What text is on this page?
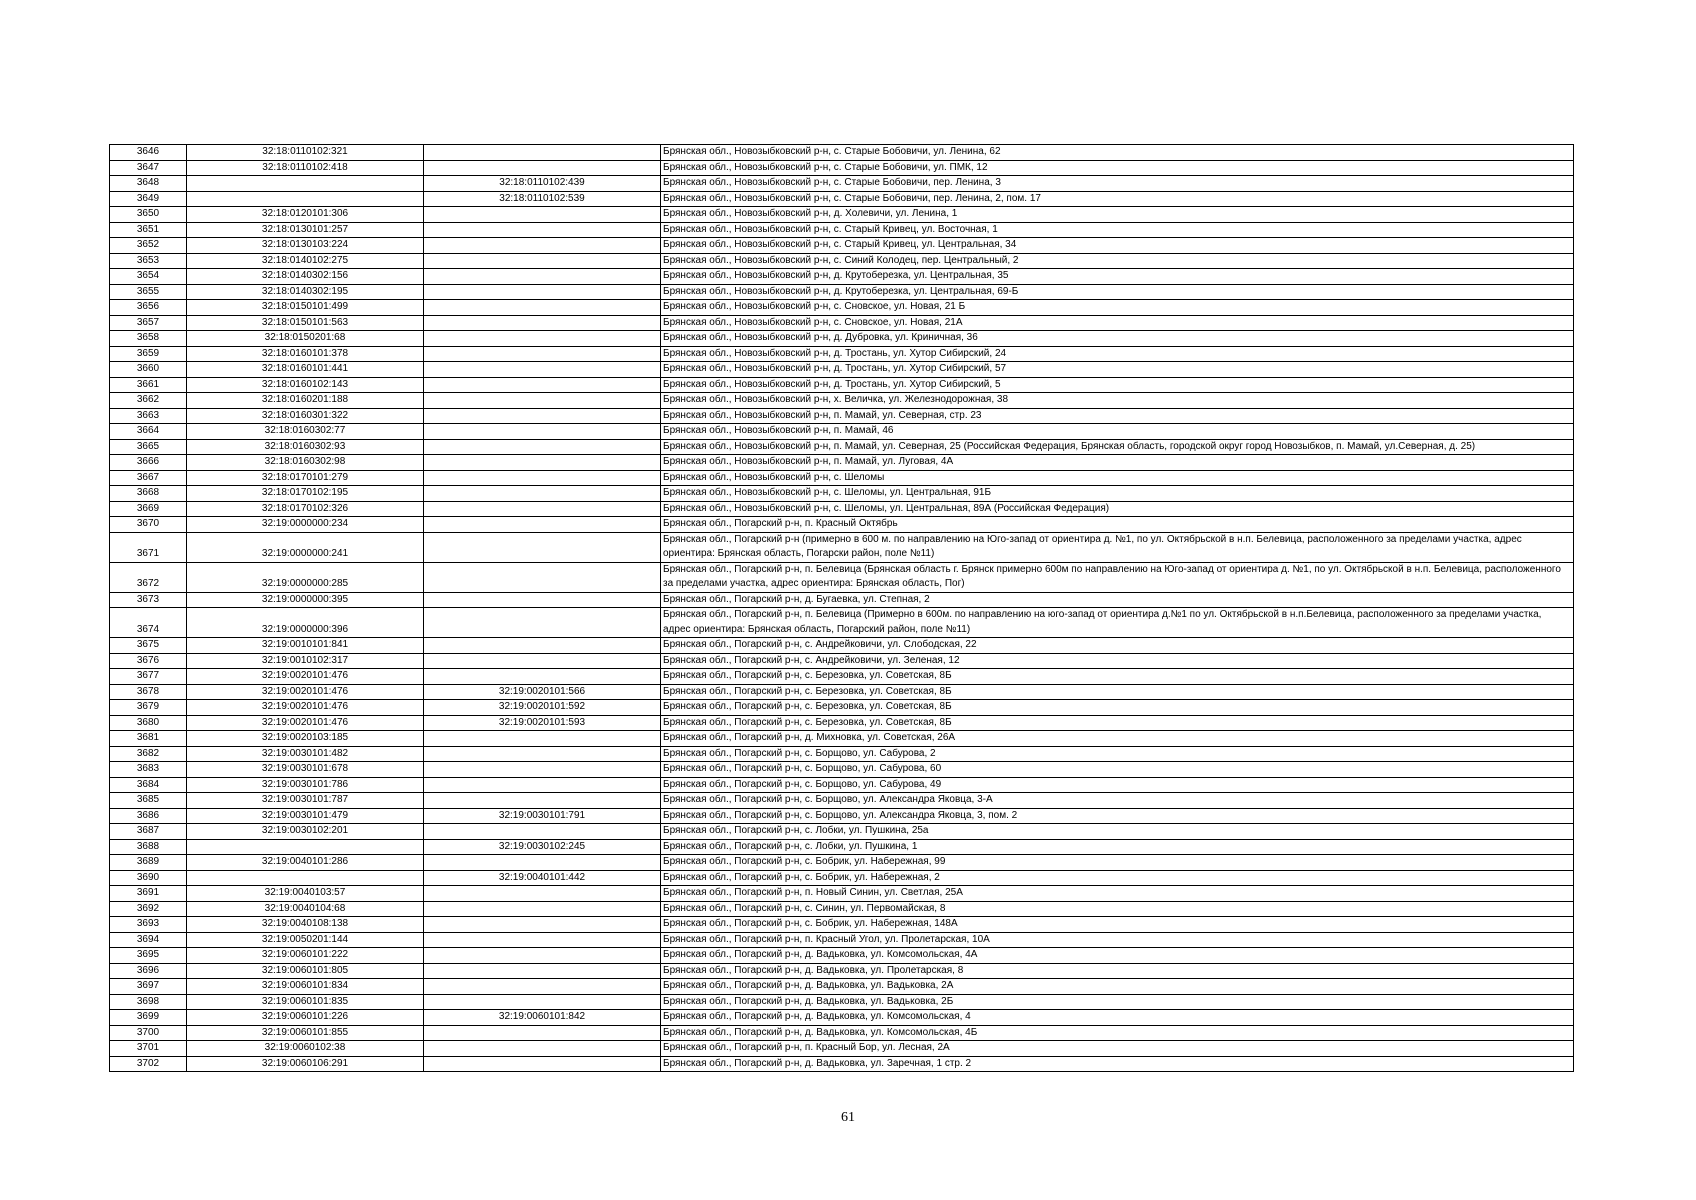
3646	32:18:0110102:321		Брянская обл., Новозыбковский р-н, с. Старые Бобовичи, ул. Ленина, 62
3647	32:18:0110102:418		Брянская обл., Новозыбковский р-н, с. Старые Бобовичи, ул. ПМК, 12
3648		32:18:0110102:439	Брянская обл., Новозыбковский р-н, с. Старые Бобовичи, пер. Ленина, 3
3649		32:18:0110102:539	Брянская обл., Новозыбковский р-н, с. Старые Бобовичи, пер. Ленина, 2, пом. 17
3650	32:18:0120101:306		Брянская обл., Новозыбковский р-н, д. Холевичи, ул. Ленина, 1
3651	32:18:0130101:257		Брянская обл., Новозыбковский р-н, с. Старый Кривец, ул. Восточная, 1
3652	32:18:0130103:224		Брянская обл., Новозыбковский р-н, с. Старый Кривец, ул. Центральная, 34
3653	32:18:0140102:275		Брянская обл., Новозыбковский р-н, с. Синий Колодец, пер. Центральный, 2
3654	32:18:0140302:156		Брянская обл., Новозыбковский р-н, д. Крутоберезка, ул. Центральная, 35
3655	32:18:0140302:195		Брянская обл., Новозыбковский р-н, д. Крутоберезка, ул. Центральная, 69-Б
3656	32:18:0150101:499		Брянская обл., Новозыбковский р-н, с. Сновское, ул. Новая, 21 Б
3657	32:18:0150101:563		Брянская обл., Новозыбковский р-н, с. Сновское, ул. Новая, 21А
3658	32:18:0150201:68		Брянская обл., Новозыбковский р-н, д. Дубровка, ул. Криничная, 36
3659	32:18:0160101:378		Брянская обл., Новозыбковский р-н, д. Тростань, ул. Хутор Сибирский, 24
3660	32:18:0160101:441		Брянская обл., Новозыбковский р-н, д. Тростань, ул. Хутор Сибирский, 57
3661	32:18:0160102:143		Брянская обл., Новозыбковский р-н, д. Тростань, ул. Хутор Сибирский, 5
3662	32:18:0160201:188		Брянская обл., Новозыбковский р-н, х. Величка, ул. Железнодорожная, 38
3663	32:18:0160301:322		Брянская обл., Новозыбковский р-н, п. Мамай, ул. Северная, стр. 23
3664	32:18:0160302:77		Брянская обл., Новозыбковский р-н, п. Мамай, 46
3665	32:18:0160302:93		Брянская обл., Новозыбковский р-н, п. Мамай, ул. Северная, 25 (Российская Федерация, Брянская область, городской округ город Новозыбков, п. Мамай, ул.Северная, д. 25)
3666	32:18:0160302:98		Брянская обл., Новозыбковский р-н, п. Мамай, ул. Луговая, 4А
3667	32:18:0170101:279		Брянская обл., Новозыбковский р-н, с. Шеломы
3668	32:18:0170102:195		Брянская обл., Новозыбковский р-н, с. Шеломы, ул. Центральная, 91Б
3669	32:18:0170102:326		Брянская обл., Новозыбковский р-н, с. Шеломы, ул. Центральная, 89А (Российская Федерация)
3670	32:19:0000000:234		Брянская обл., Погарский р-н, п. Красный Октябрь
3671	32:19:0000000:241		Брянская обл., Погарский р-н (примерно в 600 м. по направлению на Юго-запад от ориентира д. №1, по ул. Октябрьской в н.п. Белевица, расположенного за пределами участка, адрес ориентира: Брянская область, Погарски район, поле №11)
3672	32:19:0000000:285		Брянская обл., Погарский р-н, п. Белевица (Брянская область г. Брянск примерно 600м по направлению на Юго-запад от ориентира д. №1, по ул. Октябрьской в н.п. Белевица, расположенного за пределами участка, адрес ориентира: Брянская область, Пог)
3673	32:19:0000000:395		Брянская обл., Погарский р-н, д. Бугаевка, ул. Степная, 2
3674	32:19:0000000:396		Брянская обл., Погарский р-н, п. Белевица (Примерно в 600м. по направлению на юго-запад от ориентира д.№1 по ул. Октябрьской в н.п.Белевица, расположенного за пределами участка, адрес ориентира: Брянская область, Погарский район, поле №11)
3675	32:19:0010101:841		Брянская обл., Погарский р-н, с. Андрейковичи, ул. Слободская, 22
3676	32:19:0010102:317		Брянская обл., Погарский р-н, с. Андрейковичи, ул. Зеленая, 12
3677	32:19:0020101:476		Брянская обл., Погарский р-н, с. Березовка, ул. Советская, 8Б
3678	32:19:0020101:476	32:19:0020101:566	Брянская обл., Погарский р-н, с. Березовка, ул. Советская, 8Б
3679	32:19:0020101:476	32:19:0020101:592	Брянская обл., Погарский р-н, с. Березовка, ул. Советская, 8Б
3680	32:19:0020101:476	32:19:0020101:593	Брянская обл., Погарский р-н, с. Березовка, ул. Советская, 8Б
3681	32:19:0020103:185		Брянская обл., Погарский р-н, д. Михновка, ул. Советская, 26А
3682	32:19:0030101:482		Брянская обл., Погарский р-н, с. Борщово, ул. Сабурова, 2
3683	32:19:0030101:678		Брянская обл., Погарский р-н, с. Борщово, ул. Сабурова, 60
3684	32:19:0030101:786		Брянская обл., Погарский р-н, с. Борщово, ул. Сабурова, 49
3685	32:19:0030101:787		Брянская обл., Погарский р-н, с. Борщово, ул. Александра Яковца, 3-А
3686	32:19:0030101:479	32:19:0030101:791	Брянская обл., Погарский р-н, с. Борщово, ул. Александра Яковца, 3, пом. 2
3687	32:19:0030102:201		Брянская обл., Погарский р-н, с. Лобки, ул. Пушкина, 25а
3688		32:19:0030102:245	Брянская обл., Погарский р-н, с. Лобки, ул. Пушкина, 1
3689	32:19:0040101:286		Брянская обл., Погарский р-н, с. Бобрик, ул. Набережная, 99
3690		32:19:0040101:442	Брянская обл., Погарский р-н, с. Бобрик, ул. Набережная, 2
3691	32:19:0040103:57		Брянская обл., Погарский р-н, п. Новый Синин, ул. Светлая, 25А
3692	32:19:0040104:68		Брянская обл., Погарский р-н, с. Синин, ул. Первомайская, 8
3693	32:19:0040108:138		Брянская обл., Погарский р-н, с. Бобрик, ул. Набережная, 148А
3694	32:19:0050201:144		Брянская обл., Погарский р-н, п. Красный Угол, ул. Пролетарская, 10А
3695	32:19:0060101:222		Брянская обл., Погарский р-н, д. Вадьковка, ул. Комсомольская, 4А
3696	32:19:0060101:805		Брянская обл., Погарский р-н, д. Вадьковка, ул. Пролетарская, 8
3697	32:19:0060101:834		Брянская обл., Погарский р-н, д. Вадьковка, ул. Вадьковка, 2А
3698	32:19:0060101:835		Брянская обл., Погарский р-н, д. Вадьковка, ул. Вадьковка, 2Б
3699	32:19:0060101:226	32:19:0060101:842	Брянская обл., Погарский р-н, д. Вадьковка, ул. Комсомольская, 4
3700	32:19:0060101:855		Брянская обл., Погарский р-н, д. Вадьковка, ул. Комсомольская, 4Б
3701	32:19:0060102:38		Брянская обл., Погарский р-н, п. Красный Бор, ул. Лесная, 2А
3702	32:19:0060106:291		Брянская обл., Погарский р-н, д. Вадьковка, ул. Заречная, 1 стр. 2
61
